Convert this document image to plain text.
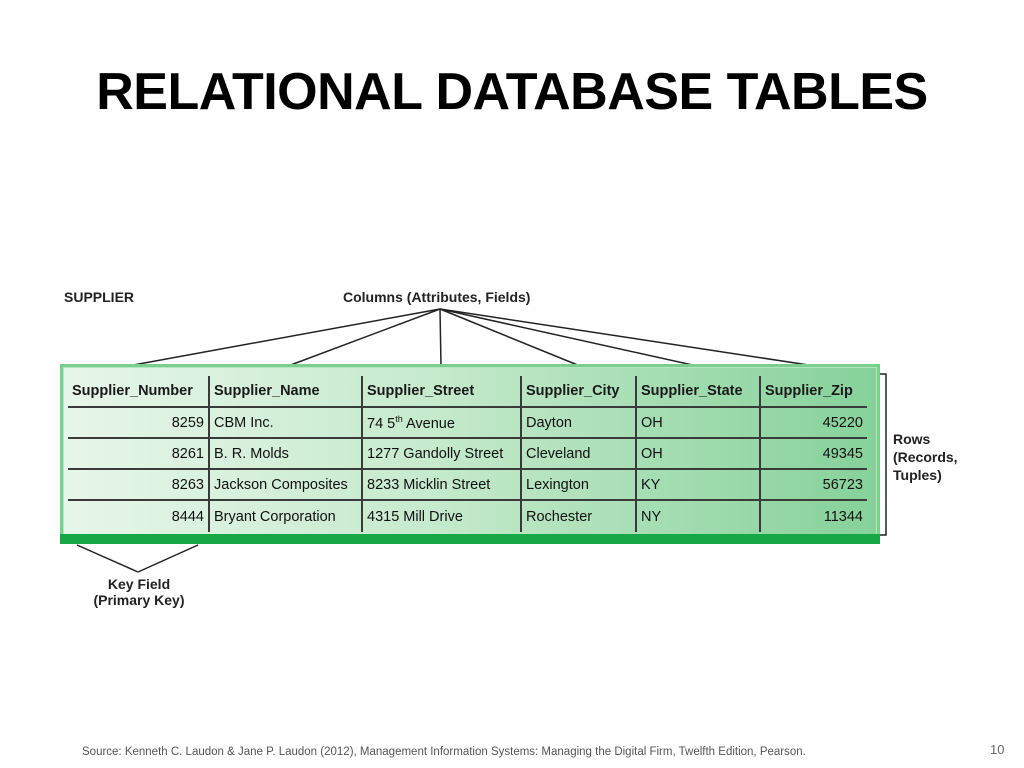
RELATIONAL DATABASE TABLES
SUPPLIER	Columns (Attributes, Fields)
Supplier_Number	Supplier_Name	Supplier_Street	Supplier_City	Supplier_State	Supplier_Zip
8259	CBM Inc.	74 5th Avenue	Dayton	OH	45220
8261	B. R. Molds	1277 Gandolly Street	Cleveland	OH	49345
8263	Jackson Composites	8233 Micklin Street	Lexington	KY	56723
8444	Bryant Corporation	4315 Mill Drive	Rochester	NY	11344
Rows
(Records,
Tuples)
Key Field
(Primary Key)
Source: Kenneth C. Laudon & Jane P. Laudon (2012), Management Information Systems: Managing the Digital Firm, Twelfth Edition, Pearson.	10
